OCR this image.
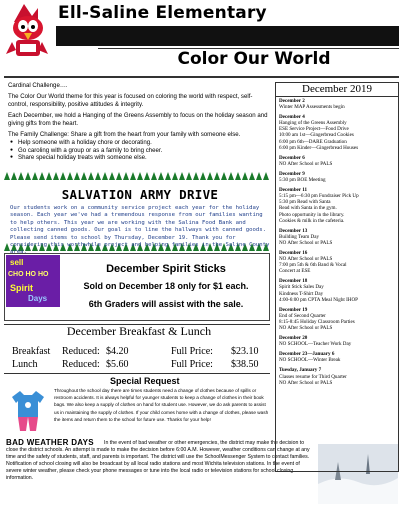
Ell-Saline Elementary
Color Our World

Cardinal Challenge….

The Color Our World theme for this year is focused on coloring the world with respect, self-control, responsibility, positive attitudes & integrity.

Each December, we hold a Hanging of the Greens Assembly to focus on the holiday season and giving gifts from the heart.

The Family Challenge: Share a gift from the heart from your family with someone else.

● Help someone with a holiday chore or decorating.
● Go caroling with a group or as a family to bring cheer.
● Share special holiday treats with someone else.
SALVATION ARMY DRIVE
Our students work on a community service project each year for the holiday season. Each year we've had a tremendous response from our families wanting to help others. This year we are working with the Salina Food Bank and collecting canned goods. Our goal is to line the hallways with canned goods. Please send items to school by Thursday, December 19. Thank you for considering this worthwhile project and helping families in the Saline County area.
sell
CHO HO HO
Spirit
Days
December Spirit Sticks
Sold on December 18 only for $1 each.
6th Graders will assist with the sale.
December Breakfast & Lunch
Breakfast	Reduced: $4.20	Full Price:	$23.10
Lunch	Reduced: $5.60	Full Price:	$38.50
Special Request
Throughout the school day there are times students need a change of clothes because of spills or restroom accidents. It is always helpful for younger students to keep a change of clothes in their book bags. We also keep a supply of clothes on hand for student use. However, we do ask parents to assist us in maintaining the supply of clothes. If your child comes home with a change of clothes, please wash the items and return them to the school for future use. Thanks for your help!
BAD WEATHER DAYS	In the event of bad weather or other emergencies, the district may make the decision to close the district schools. An attempt is made to make the decision before 6:00 A.M. However, weather conditions can change at any time and the safety of students, staff, and parents is important. The district will use the SchoolMessenger System to contact families. Notification of school closing will also be broadcast by all local radio stations and most Wichita television stations. In the event of severe winter weather, please check your phone messages or tune into the local radio or television stations for school closing information.
December 2019
December 2
Winter MAP Assessments begin
December 4
Hanging of the Greens Assembly
ESE Service Project—Food Drive
10:00 am 1st—Gingerbread Cookies
6:00 pm 6th—DARE Graduation
6:00 pm Kinder—Gingerbread Houses
December 6
NO After School or PALS
December 9
5:30 pm BOE Meeting
December 11
5:15 pm—6:30 pm Fundraiser Pick Up
5:30 pm Read with Santa
Read with Santa in the gym.
Photo opportunity in the library.
Cookies & milk in the cafeteria.
December 13
Building Team Day
NO After School or PALS
December 16
NO After School or PALS
7:00 pm 5th & 6th Band & Vocal
Concert at ESE
December 18
Spirit Stick Sales Day
Kindness T-Shirt Day
4:00-6:00 pm CPTA Meal Night IHOP
December 19
End of Second Quarter
8:15-8:45 Holiday Classroom Parties
NO After School or PALS
December 20
NO SCHOOL—Teacher Work Day
December 23—January 6
NO SCHOOL—Winter Break
Tuesday, January 7
Classes resume for Third Quarter
NO After School or PALS
